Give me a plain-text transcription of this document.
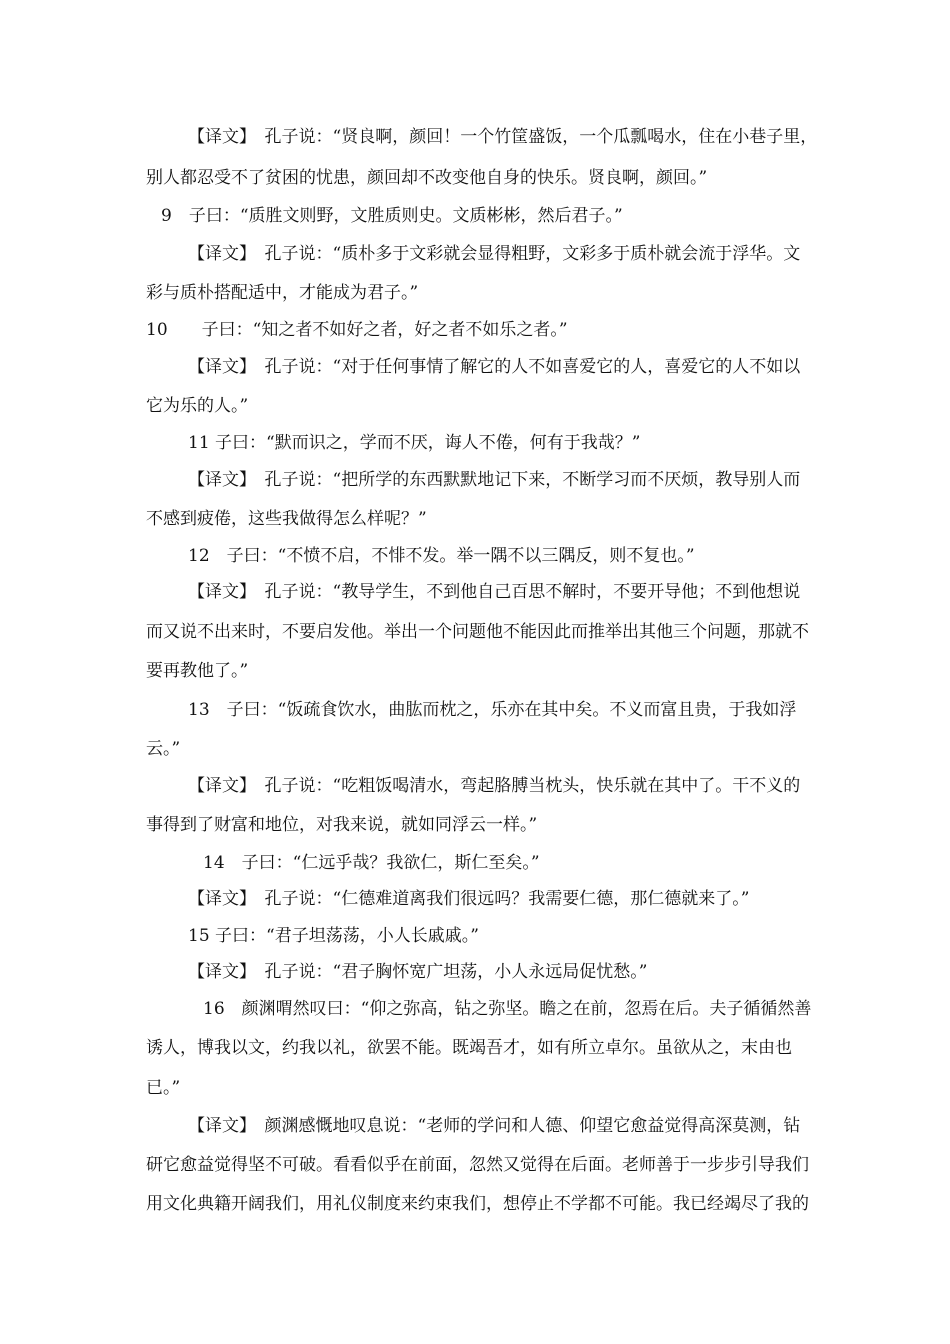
【译文】　孔子说：“贤良啊，颜回！一个竹筐盛饭，一个瓜瓢喝水，住在小巷子里，
别人都忍受不了贫困的忧患，颜回却不改变他自身的快乐。贤良啊，颜回。”
9　子曰：“质胜文则野，文胜质则史。文质彬彬，然后君子。”
【译文】　孔子说：“质朴多于文彩就会显得粗野，文彩多于质朴就会流于浮华。文
彩与质朴搭配适中，才能成为君子。”
10　　子曰：“知之者不如好之者，好之者不如乐之者。”
【译文】　孔子说：“对于任何事情了解它的人不如喜爱它的人，喜爱它的人不如以
它为乐的人。”
11 子曰：“默而识之，学而不厌，诲人不倦，何有于我哉？”
【译文】　孔子说：“把所学的东西默默地记下来，不断学习而不厌烦，教导别人而
不感到疲倦，这些我做得怎么样呢？”
12　子曰：“不愤不启，不悱不发。举一隅不以三隅反，则不复也。”
【译文】　孔子说：“教导学生，不到他自己百思不解时，不要开导他；不到他想说
而又说不出来时，不要启发他。举出一个问题他不能因此而推举出其他三个问题，那就不
要再教他了。”
13　子曰：“饭疏食饮水，曲肱而枕之，乐亦在其中矣。不义而富且贵，于我如浮
云。”
【译文】　孔子说：“吃粗饭喝清水，弯起胳膊当枕头，快乐就在其中了。干不义的
事得到了财富和地位，对我来说，就如同浮云一样。”
14　子曰：“仁远乎哉？我欲仁，斯仁至矣。”
【译文】　孔子说：“仁德难道离我们很远吗？我需要仁德，那仁德就来了。”
15 子曰：“君子坦荡荡，小人长戚戚。”
【译文】　孔子说：“君子胸怀宽广坦荡，小人永远局促忧愁。”
16　颜渊喟然叹曰：“仰之弥高，钻之弥坚。瞻之在前，忽焉在后。夫子循循然善
诱人，博我以文，约我以礼，欲罢不能。既竭吾才，如有所立卓尔。虽欲从之，末由也
已。”
【译文】　颜渊感慨地叹息说：“老师的学问和人德、仰望它愈益觉得高深莫测，钻
研它愈益觉得坚不可破。看看似乎在前面，忽然又觉得在后面。老师善于一步步引导我们
用文化典籍开阔我们，用礼仪制度来约束我们，想停止不学都不可能。我已经竭尽了我的
